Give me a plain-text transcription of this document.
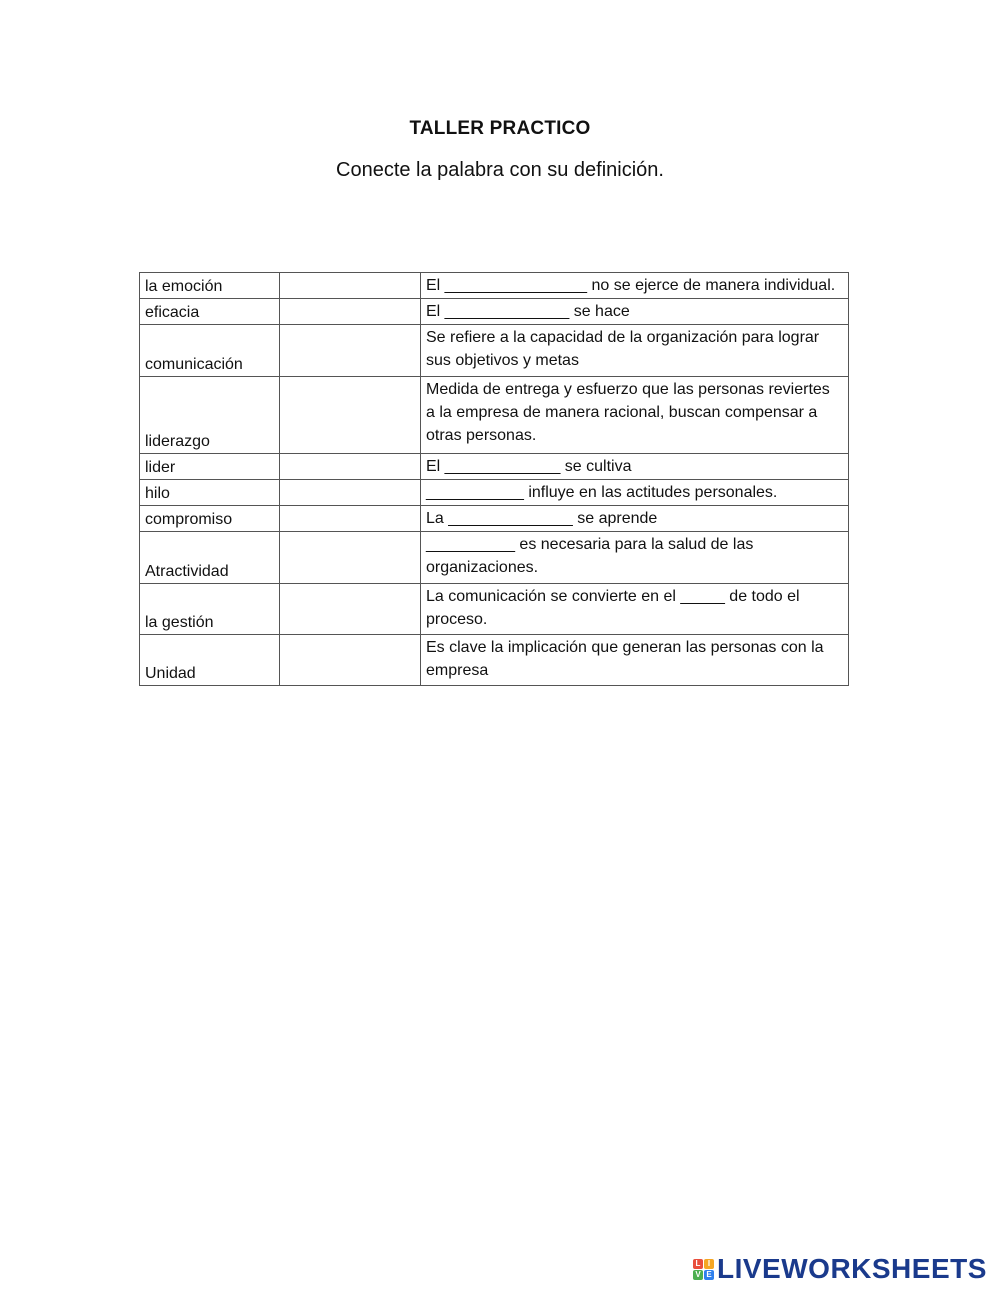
TALLER PRACTICO
Conecte la palabra con su definición.
la emoción		El ________________ no se ejerce de manera individual.
eficacia		El ______________ se hace
comunicación		Se refiere a la capacidad de la organización para lograr sus objetivos y metas
liderazgo		Medida de entrega y esfuerzo que las personas reviertes a la empresa de manera racional, buscan compensar a otras personas.
lider		El _____________ se cultiva
hilo		___________ influye en las actitudes personales.
compromiso		La ______________ se aprende
Atractividad		__________ es necesaria para la salud de las organizaciones.
la gestión		La comunicación se convierte en el _____ de todo el proceso.
Unidad		Es clave la implicación que generan las personas con la empresa
L I
V E LIVEWORKSHEETS
